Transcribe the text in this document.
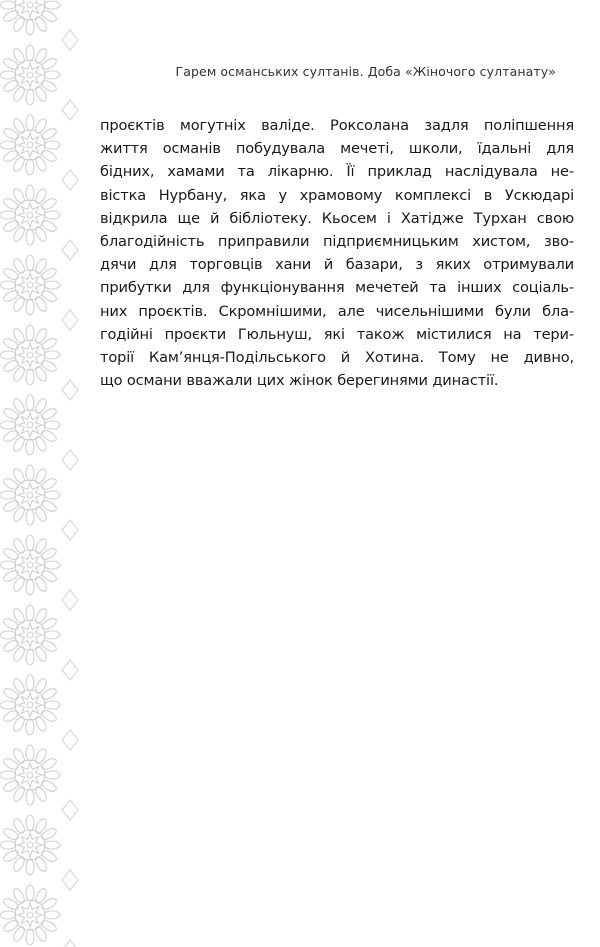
Гарем османських султанів. Доба «Жіночого султанату»
проєктів могутніх валіде. Роксолана задля поліпшення
життя османів побудувала мечеті, школи, їдальні для
бідних, хамами та лікарню. Її приклад наслідувала не-
вістка Нурбану, яка у храмовому комплексі в Ускюдарі
відкрила ще й бібліотеку. Кьосем і Хатідже Турхан свою
благодійність приправили підприємницьким хистом, зво-
дячи для торговців хани й базари, з яких отримували
прибутки для функціонування мечетей та інших соціаль-
них проєктів. Скромнішими, але чисельнішими були бла-
годійні проєкти Гюльнуш, які також містилися на тери-
торії Кам’янця-Подільського й Хотина. Тому не дивно,
що османи вважали цих жінок берегинями династії.
